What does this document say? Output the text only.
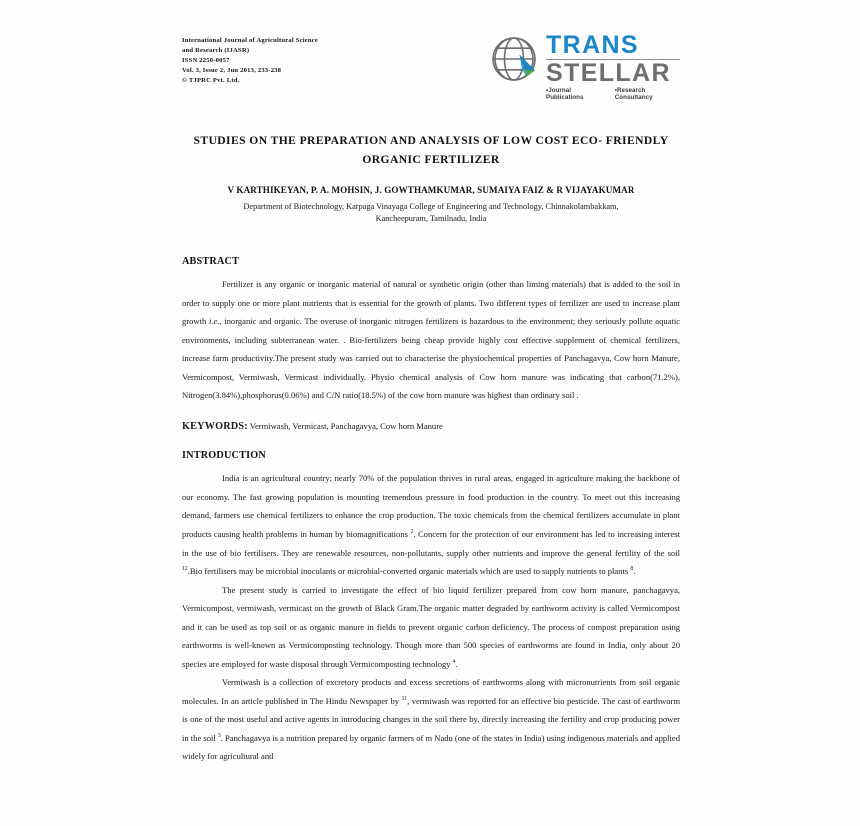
International Journal of Agricultural Science
and Research (IJASR)
ISSN 2250-0057
Vol. 3, Issue 2, Jun 2013, 233-238
© TJPRC Pvt. Ltd.
TRANS
STELLAR
•Journal Publications
•Research Consultancy
STUDIES ON THE PREPARATION AND ANALYSIS OF LOW COST ECO- FRIENDLY
ORGANIC FERTILIZER
V KARTHIKEYAN, P. A. MOHSIN, J. GOWTHAMKUMAR, SUMAIYA FAIZ & R VIJAYAKUMAR
Department of Biotechnology, Karpaga Vinayaga College of Engineering and Technology, Chinnakolambakkam,
Kancheepuram, Tamilnadu, India
ABSTRACT

Fertilizer is any organic or inorganic material of natural or synthetic origin (other than liming materials) that is added to the soil in order to supply one or more plant nutrients that is essential for the growth of plants. Two different types of fertilizer are used to increase plant growth i.e., inorganic and organic. The overuse of inorganic nitrogen fertilizers is hazardous to the environment; they seriously pollute aquatic environments, including subterranean water. . Bio-fertilizers being cheap provide highly cost effective supplement of chemical fertilizers, increase farm productivity.The present study was carried out to characterise the physiochemical properties of Panchagavya, Cow horn Manure, Vermicompost, Vermiwash, Vermicast individually. Physio chemical analysis of Cow horn manure was indicating that carbon(71.2%), Nitrogen(3.84%),phosphorus(0.06%) and C/N ratio(18.5%) of the cow horn manure was highest than ordinary soil .

KEYWORDS: Vermiwash, Vermicast, Panchagavya, Cow horn Manure
INTRODUCTION

India is an agricultural country; nearly 70% of the population thrives in rural areas, engaged in agriculture making the backbone of our economy. The fast growing population is mounting tremendous pressure in food production in the country. To meet out this increasing demand, farmers use chemical fertilizers to enhance the crop production. The toxic chemicals from the chemical fertilizers accumulate in plant products causing health problems in human by biomagnifications $^2$. Concern for the protection of our environment has led to increasing interest in the use of bio fertilisers. They are renewable resources, non-pollutants, supply other nutrients and improve the general fertility of the soil $^{12}$.Bio fertilisers may be microbial inoculants or microbial-converted organic materials which are used to supply nutrients to plants $^8$.

The present study is carried to investigate the effect of bio liquid fertilizer prepared from cow horn manure, panchagavya, Vermicompost, vermiwash, vermicast on the growth of Black Gram.The organic matter degraded by earthworm activity is called Vermicompost and it can be used as top soil or as organic manure in fields to prevent organic carbon deficiency. The process of compost preparation using earthworms is well-known as Vermicomposting technology. Though more than 500 species of earthworms are found in India, only about 20 species are employed for waste disposal through Vermicomposting technology $^4$.

Vermiwash is a collection of excretory products and excess secretions of earthworms along with micronutrients from soil organic molecules. In an article published in The Hindu Newspaper by $^{11}$, vermiwash was reported for an effective bio pesticide. The cast of earthworm is one of the most useful and active agents in introducing changes in the soil there by, directly increasing the fertility and crop producing power in the soil $^3$. Panchagavya is a nutrition prepared by organic farmers of m Nadu (one of the states in India) using indigenous materials and applied widely for agricultural and
